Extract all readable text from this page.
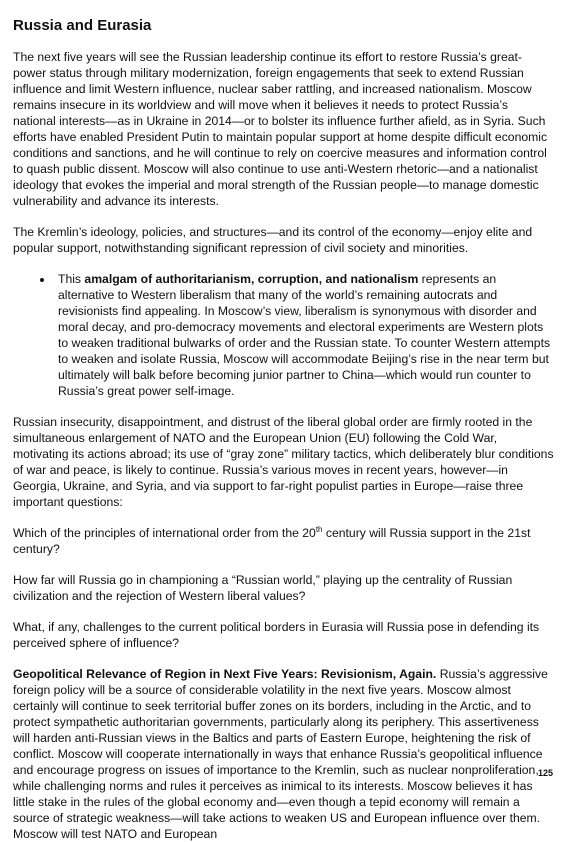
Russia and Eurasia

The next five years will see the Russian leadership continue its effort to restore Russia’s great-power status through military modernization, foreign engagements that seek to extend Russian influence and limit Western influence, nuclear saber rattling, and increased nationalism. Moscow remains insecure in its worldview and will move when it believes it needs to protect Russia’s national interests—as in Ukraine in 2014—or to bolster its influence further afield, as in Syria. Such efforts have enabled President Putin to maintain popular support at home despite difficult economic conditions and sanctions, and he will continue to rely on coercive measures and information control to quash public dissent. Moscow will also continue to use anti-Western rhetoric—and a nationalist ideology that evokes the imperial and moral strength of the Russian people—to manage domestic vulnerability and advance its interests.

The Kremlin’s ideology, policies, and structures—and its control of the economy—enjoy elite and popular support, notwithstanding significant repression of civil society and minorities.

• This amalgam of authoritarianism, corruption, and nationalism represents an alternative to Western liberalism that many of the world’s remaining autocrats and revisionists find appealing. In Moscow’s view, liberalism is synonymous with disorder and moral decay, and pro-democracy movements and electoral experiments are Western plots to weaken traditional bulwarks of order and the Russian state. To counter Western attempts to weaken and isolate Russia, Moscow will accommodate Beijing’s rise in the near term but ultimately will balk before becoming junior partner to China—which would run counter to Russia’s great power self-image.

Russian insecurity, disappointment, and distrust of the liberal global order are firmly rooted in the simultaneous enlargement of NATO and the European Union (EU) following the Cold War, motivating its actions abroad; its use of “gray zone” military tactics, which deliberately blur conditions of war and peace, is likely to continue. Russia’s various moves in recent years, however—in Georgia, Ukraine, and Syria, and via support to far-right populist parties in Europe—raise three important questions:

Which of the principles of international order from the 20th century will Russia support in the 21st century?

How far will Russia go in championing a “Russian world,” playing up the centrality of Russian civilization and the rejection of Western liberal values?

What, if any, challenges to the current political borders in Eurasia will Russia pose in defending its perceived sphere of influence?

Geopolitical Relevance of Region in Next Five Years: Revisionism, Again. Russia’s aggressive foreign policy will be a source of considerable volatility in the next five years. Moscow almost certainly will continue to seek territorial buffer zones on its borders, including in the Arctic, and to protect sympathetic authoritarian governments, particularly along its periphery. This assertiveness will harden anti-Russian views in the Baltics and parts of Eastern Europe, heightening the risk of conflict. Moscow will cooperate internationally in ways that enhance Russia’s geopolitical influence and encourage progress on issues of importance to the Kremlin, such as nuclear nonproliferation, while challenging norms and rules it perceives as inimical to its interests. Moscow believes it has little stake in the rules of the global economy and—even though a tepid economy will remain a source of strategic weakness—will take actions to weaken US and European influence over them. Moscow will test NATO and European

125
